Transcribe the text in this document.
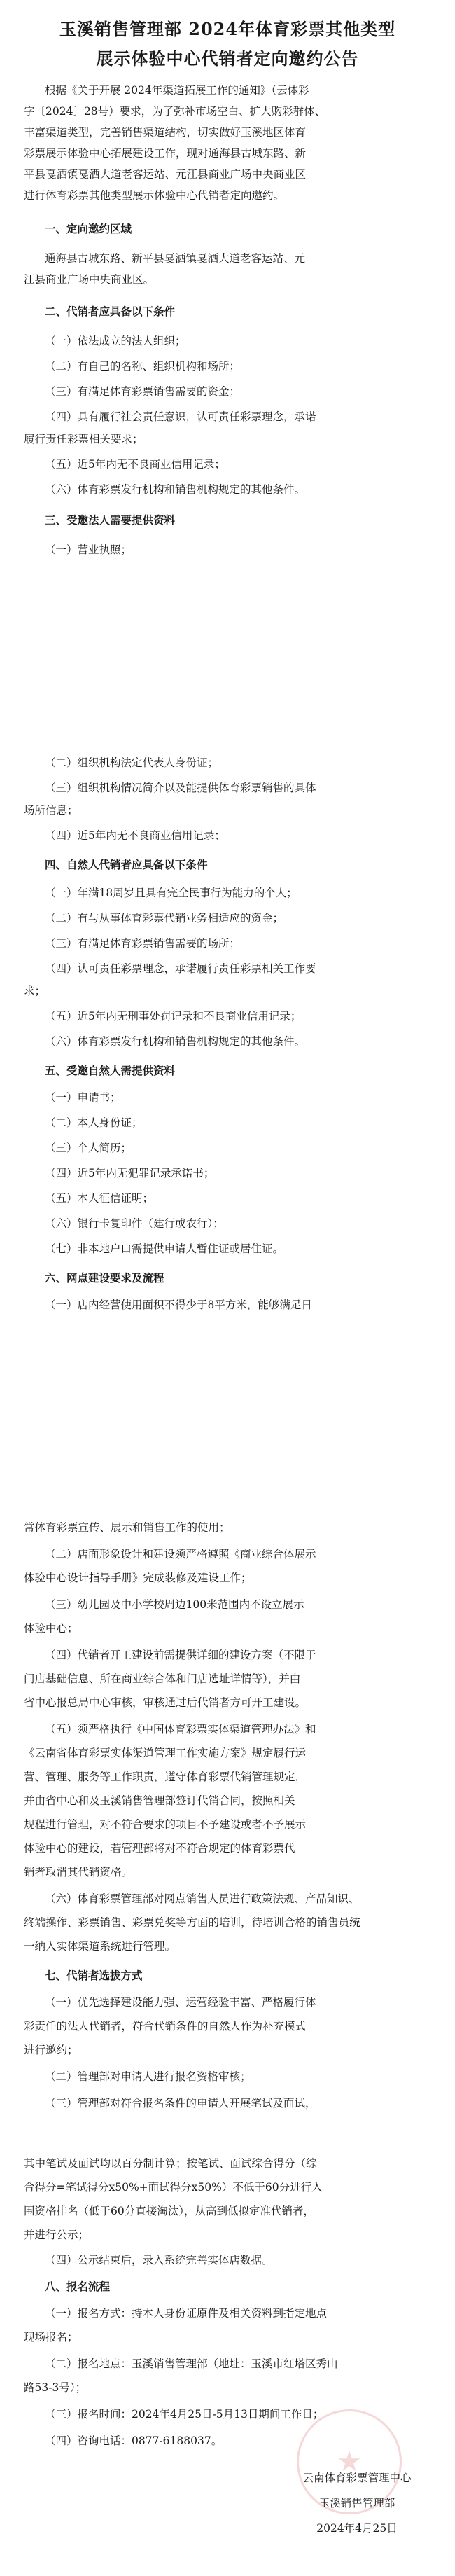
玉溪销售管理部 2024年体育彩票其他类型
展示体验中心代销者定向邀约公告
根据《关于开展 2024年渠道拓展工作的通知》（云体彩
字〔2024〕28号）要求，为了弥补市场空白、扩大购彩群体、
丰富渠道类型，完善销售渠道结构，切实做好玉溪地区体育
彩票展示体验中心拓展建设工作，现对通海县古城东路、新
平县戛洒镇戛洒大道老客运站、元江县商业广场中央商业区
进行体育彩票其他类型展示体验中心代销者定向邀约。
一、定向邀约区域
通海县古城东路、新平县戛洒镇戛洒大道老客运站、元
江县商业广场中央商业区。
二、代销者应具备以下条件
（一）依法成立的法人组织；
（二）有自己的名称、组织机构和场所；
（三）有满足体育彩票销售需要的资金；
（四）具有履行社会责任意识，认可责任彩票理念，承诺
履行责任彩票相关要求；
（五）近5年内无不良商业信用记录；
（六）体育彩票发行机构和销售机构规定的其他条件。
三、受邀法人需要提供资料
（一）营业执照；
（二）组织机构法定代表人身份证；
（三）组织机构情况简介以及能提供体育彩票销售的具体
场所信息；
（四）近5年内无不良商业信用记录；
四、自然人代销者应具备以下条件
（一）年满18周岁且具有完全民事行为能力的个人；
（二）有与从事体育彩票代销业务相适应的资金；
（三）有满足体育彩票销售需要的场所；
（四）认可责任彩票理念，承诺履行责任彩票相关工作要
求；
（五）近5年内无刑事处罚记录和不良商业信用记录；
（六）体育彩票发行机构和销售机构规定的其他条件。
五、受邀自然人需提供资料
（一）申请书；
（二）本人身份证；
（三）个人简历；
（四）近5年内无犯罪记录承诺书；
（五）本人征信证明；
（六）银行卡复印件（建行或农行）；
（七）非本地户口需提供申请人暂住证或居住证。
六、网点建设要求及流程
（一）店内经营使用面积不得少于8平方米，能够满足日
常体育彩票宣传、展示和销售工作的使用；
（二）店面形象设计和建设须严格遵照《商业综合体展示
体验中心设计指导手册》完成装修及建设工作；
（三）幼儿园及中小学校周边100米范围内不设立展示
体验中心；
（四）代销者开工建设前需提供详细的建设方案（不限于
门店基础信息、所在商业综合体和门店选址详情等），并由
省中心报总局中心审核，审核通过后代销者方可开工建设。
（五）须严格执行《中国体育彩票实体渠道管理办法》和
《云南省体育彩票实体渠道管理工作实施方案》规定履行运
营、管理、服务等工作职责，遵守体育彩票代销管理规定，
并由省中心和及玉溪销售管理部签订代销合同，按照相关
规程进行管理，对不符合要求的项目不予建设或者不予展示
体验中心的建设，若管理部将对不符合规定的体育彩票代
销者取消其代销资格。
（六）体育彩票管理部对网点销售人员进行政策法规、产品知识、
终端操作、彩票销售、彩票兑奖等方面的培训，待培训合格的销售员统
一纳入实体渠道系统进行管理。
七、代销者选拔方式
（一）优先选择建设能力强、运营经验丰富、严格履行体
彩责任的法人代销者，符合代销条件的自然人作为补充模式
进行邀约；
（二）管理部对申请人进行报名资格审核；
（三）管理部对符合报名条件的申请人开展笔试及面试，
其中笔试及面试均以百分制计算；按笔试、面试综合得分（综
合得分=笔试得分x50%+面试得分x50%）不低于60分进行入
围资格排名（低于60分直接淘汰），从高到低拟定准代销者，
并进行公示；
（四）公示结束后，录入系统完善实体店数据。
八、报名流程
（一）报名方式：持本人身份证原件及相关资料到指定地点
现场报名；
（二）报名地点：玉溪销售管理部（地址：玉溪市红塔区秀山
路53-3号）；
（三）报名时间：2024年4月25日-5月13日期间工作日；
（四）咨询电话：0877-6188037。
★
云南体育彩票管理中心
玉溪销售管理部
2024年4月25日
